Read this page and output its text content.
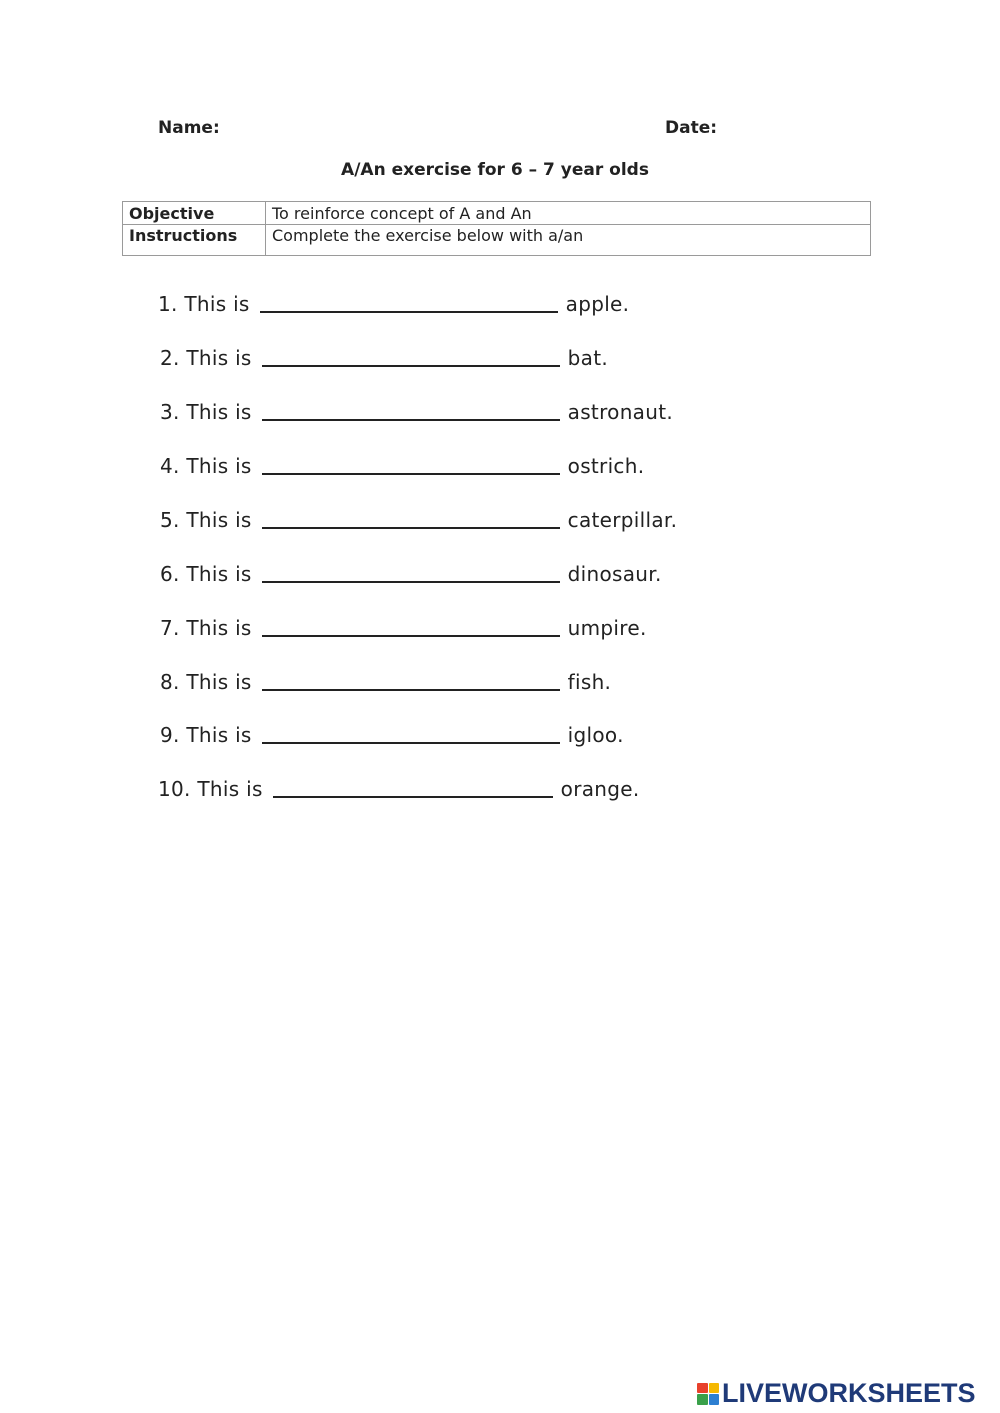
Name:	Date:
A/An exercise for 6 – 7 year olds
Objective	To reinforce concept of A and An
Instructions	Complete the exercise below with a/an
1. This is	apple.
2. This is	bat.
3. This is	astronaut.
4. This is	ostrich.
5. This is	caterpillar.
6. This is	dinosaur.
7. This is	umpire.
8. This is	fish.
9. This is	igloo.
10. This is	orange.
LIVEWORKSHEETS
